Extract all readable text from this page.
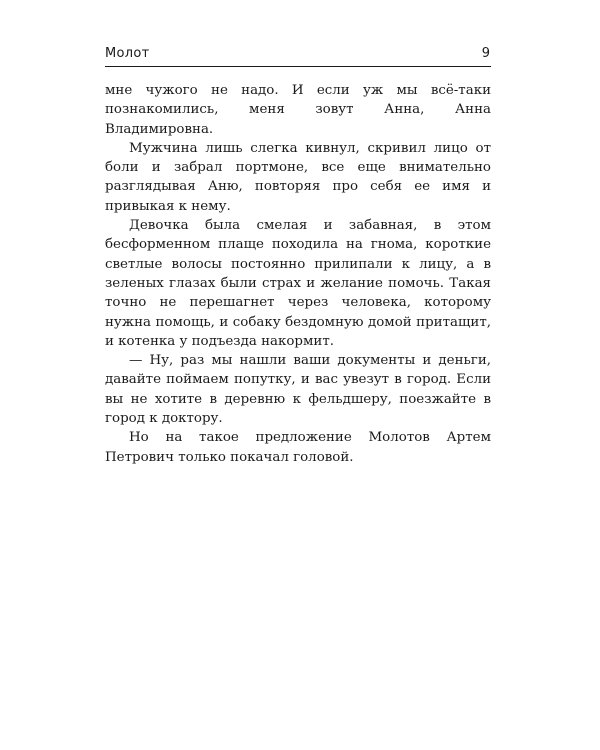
Молот	9

мне чужого не надо. И если уж мы всё-таки познакомились, меня зовут Анна, Анна Владимировна.

Мужчина лишь слегка кивнул, скривил лицо от боли и забрал портмоне, все еще внимательно разглядывая Аню, повторяя про себя ее имя и привыкая к нему.

Девочка была смелая и забавная, в этом бесформенном плаще походила на гнома, короткие светлые волосы постоянно прилипали к лицу, а в зеленых глазах были страх и желание помочь. Такая точно не перешагнет через человека, которому нужна помощь, и собаку бездомную домой притащит, и котенка у подъезда накормит.

— Ну, раз мы нашли ваши документы и деньги, давайте поймаем попутку, и вас увезут в город. Если вы не хотите в деревню к фельдшеру, поезжайте в город к доктору.

Но на такое предложение Молотов Артем Петрович только покачал головой.
